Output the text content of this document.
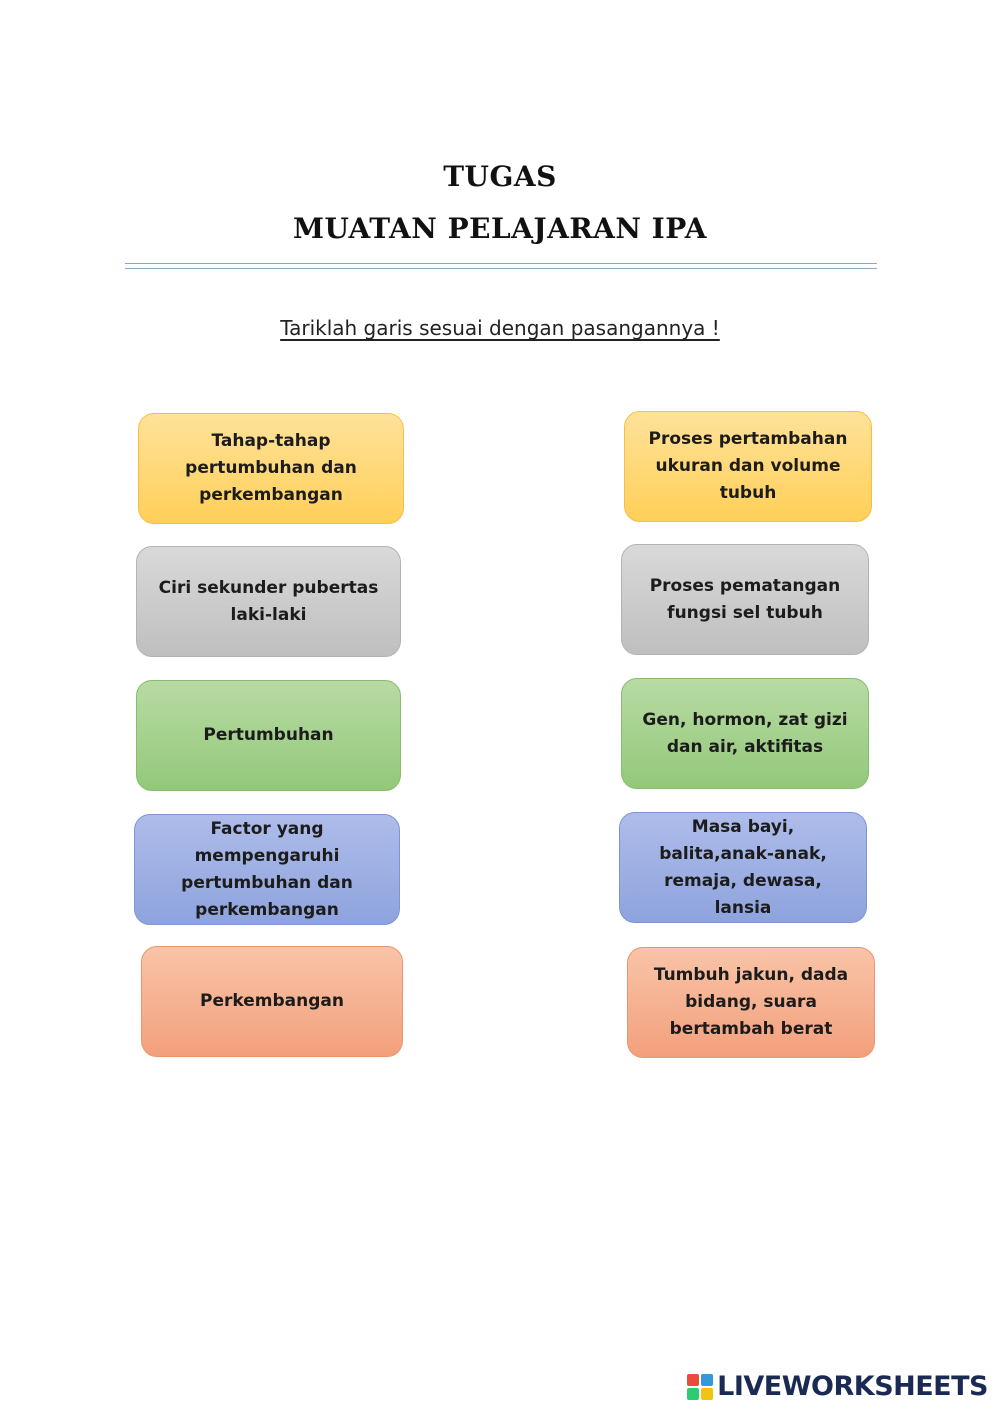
TUGAS
MUATAN PELAJARAN IPA
Tariklah garis sesuai dengan pasangannya !
Tahap-tahap pertumbuhan dan perkembangan
Ciri sekunder pubertas laki-laki
Pertumbuhan
Factor yang mempengaruhi pertumbuhan dan perkembangan
Perkembangan
Proses pertambahan ukuran dan volume tubuh
Proses pematangan fungsi sel tubuh
Gen, hormon, zat gizi dan air, aktifitas
Masa bayi, balita,anak-anak, remaja, dewasa, lansia
Tumbuh jakun, dada bidang, suara bertambah berat
LIVEWORKSHEETS
